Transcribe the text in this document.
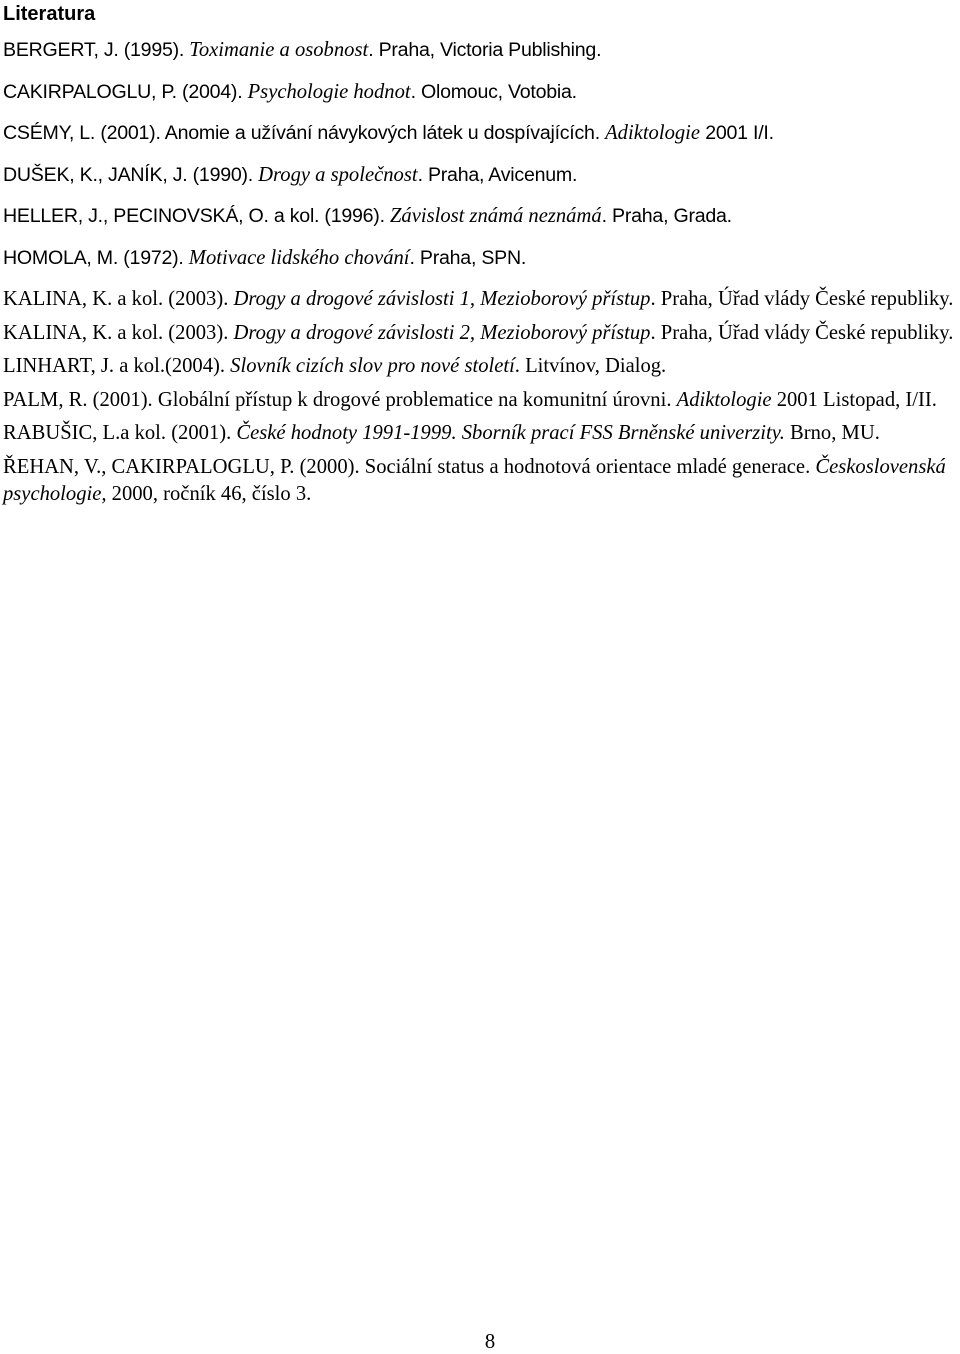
Literatura
BERGERT, J. (1995). Toximanie a osobnost. Praha, Victoria Publishing.
CAKIRPALOGLU, P. (2004). Psychologie hodnot. Olomouc, Votobia.
CSÉMY, L. (2001). Anomie a užívání návykových látek u dospívajících. Adiktologie 2001 I/I.
DUŠEK, K., JANÍK, J. (1990). Drogy a společnost. Praha, Avicenum.
HELLER, J., PECINOVSKÁ, O. a kol. (1996). Závislost známá neznámá. Praha, Grada.
HOMOLA, M. (1972). Motivace lidského chování. Praha, SPN.
KALINA, K. a kol. (2003). Drogy a drogové závislosti 1, Mezioborový přístup. Praha, Úřad vlády České republiky.
KALINA, K. a kol. (2003). Drogy a drogové závislosti 2, Mezioborový přístup. Praha, Úřad vlády České republiky.
LINHART, J. a kol.(2004). Slovník cizích slov pro nové století. Litvínov, Dialog.
PALM, R. (2001). Globální přístup k drogové problematice na komunitní úrovni. Adiktologie 2001 Listopad, I/II.
RABUŠIC, L.a kol. (2001). České hodnoty 1991-1999. Sborník prací FSS Brněnské univerzity. Brno, MU.
ŘEHAN, V., CAKIRPALOGLU, P. (2000). Sociální status a hodnotová orientace mladé generace. Československá psychologie, 2000, ročník 46, číslo 3.
8
